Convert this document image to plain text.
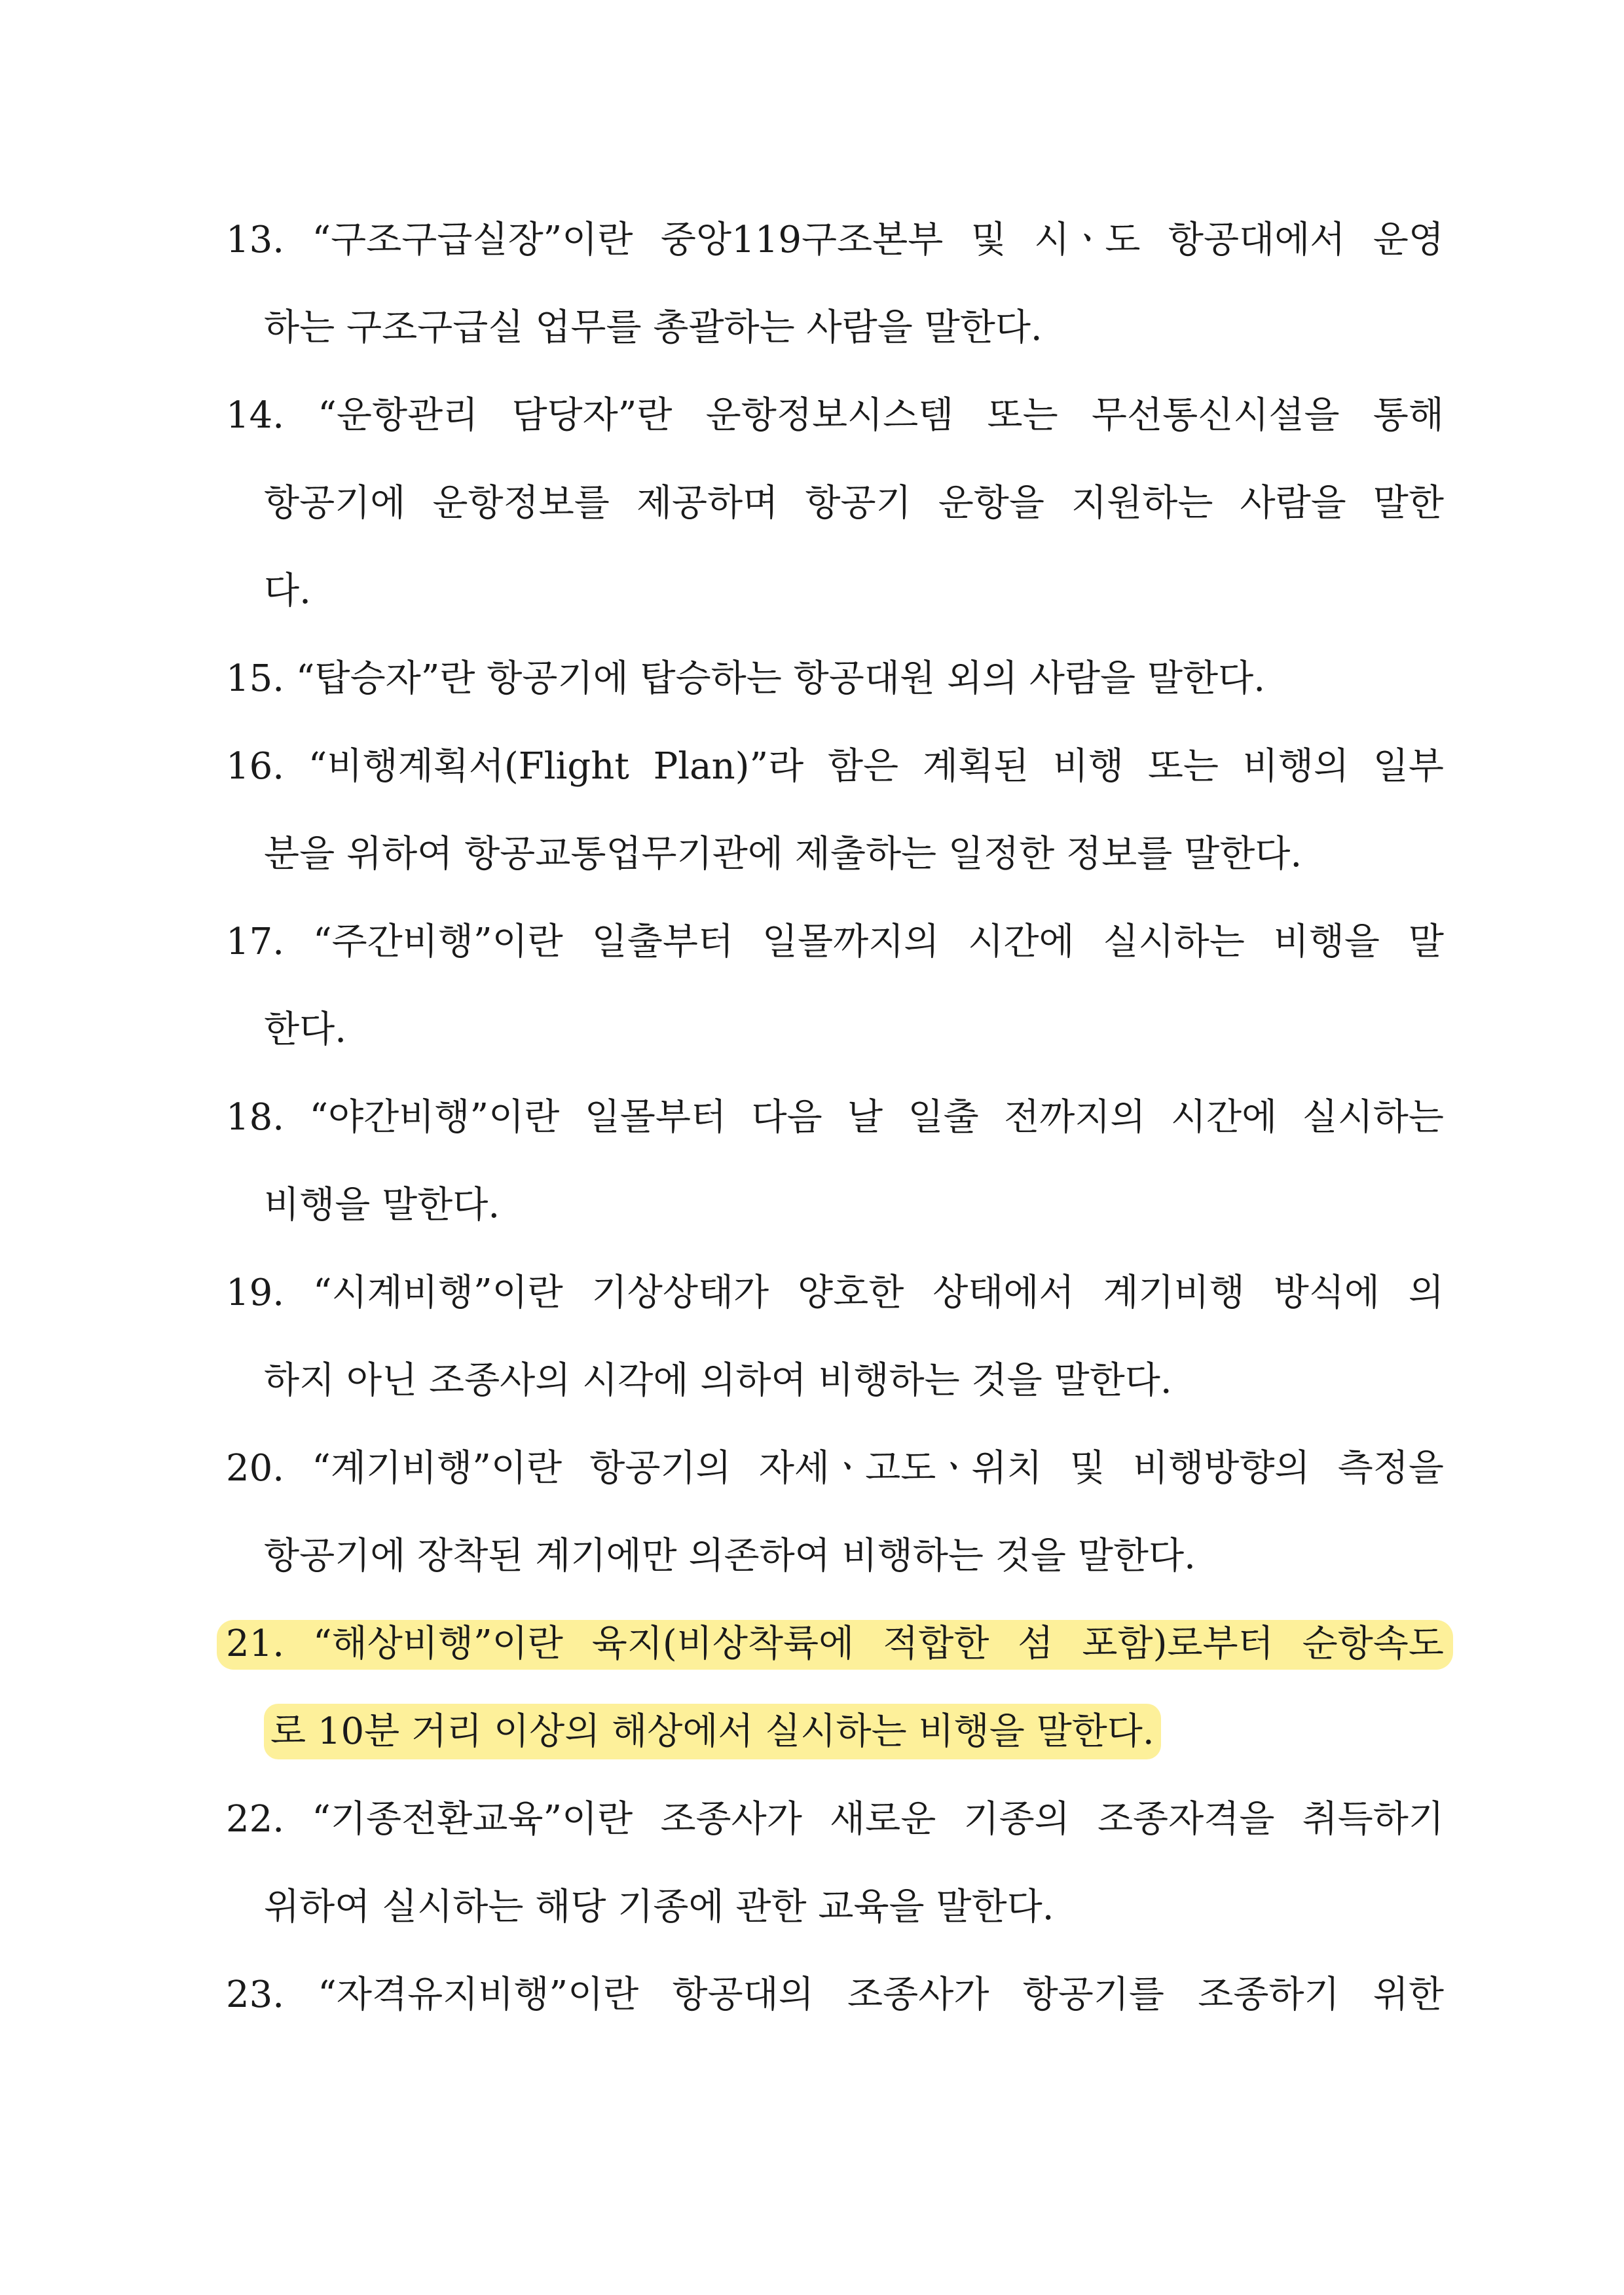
13. “구조구급실장”이란 중앙119구조본부 및 시ㆍ도 항공대에서 운영
하는 구조구급실 업무를 총괄하는 사람을 말한다.
14. “운항관리 담당자”란 운항정보시스템 또는 무선통신시설을 통해
항공기에 운항정보를 제공하며 항공기 운항을 지원하는 사람을 말한
다.
15. “탑승자”란 항공기에 탑승하는 항공대원 외의 사람을 말한다.
16. “비행계획서(Flight Plan)”라 함은 계획된 비행 또는 비행의 일부
분을 위하여 항공교통업무기관에 제출하는 일정한 정보를 말한다.
17. “주간비행”이란 일출부터 일몰까지의 시간에 실시하는 비행을 말
한다.
18. “야간비행”이란 일몰부터 다음 날 일출 전까지의 시간에 실시하는
비행을 말한다.
19. “시계비행”이란 기상상태가 양호한 상태에서 계기비행 방식에 의
하지 아닌 조종사의 시각에 의하여 비행하는 것을 말한다.
20. “계기비행”이란 항공기의 자세ㆍ고도ㆍ위치 및 비행방향의 측정을
항공기에 장착된 계기에만 의존하여 비행하는 것을 말한다.
21. “해상비행”이란 육지(비상착륙에 적합한 섬 포함)로부터 순항속도
로 10분 거리 이상의 해상에서 실시하는 비행을 말한다.
22. “기종전환교육”이란 조종사가 새로운 기종의 조종자격을 취득하기
위하여 실시하는 해당 기종에 관한 교육을 말한다.
23. “자격유지비행”이란 항공대의 조종사가 항공기를 조종하기 위한
